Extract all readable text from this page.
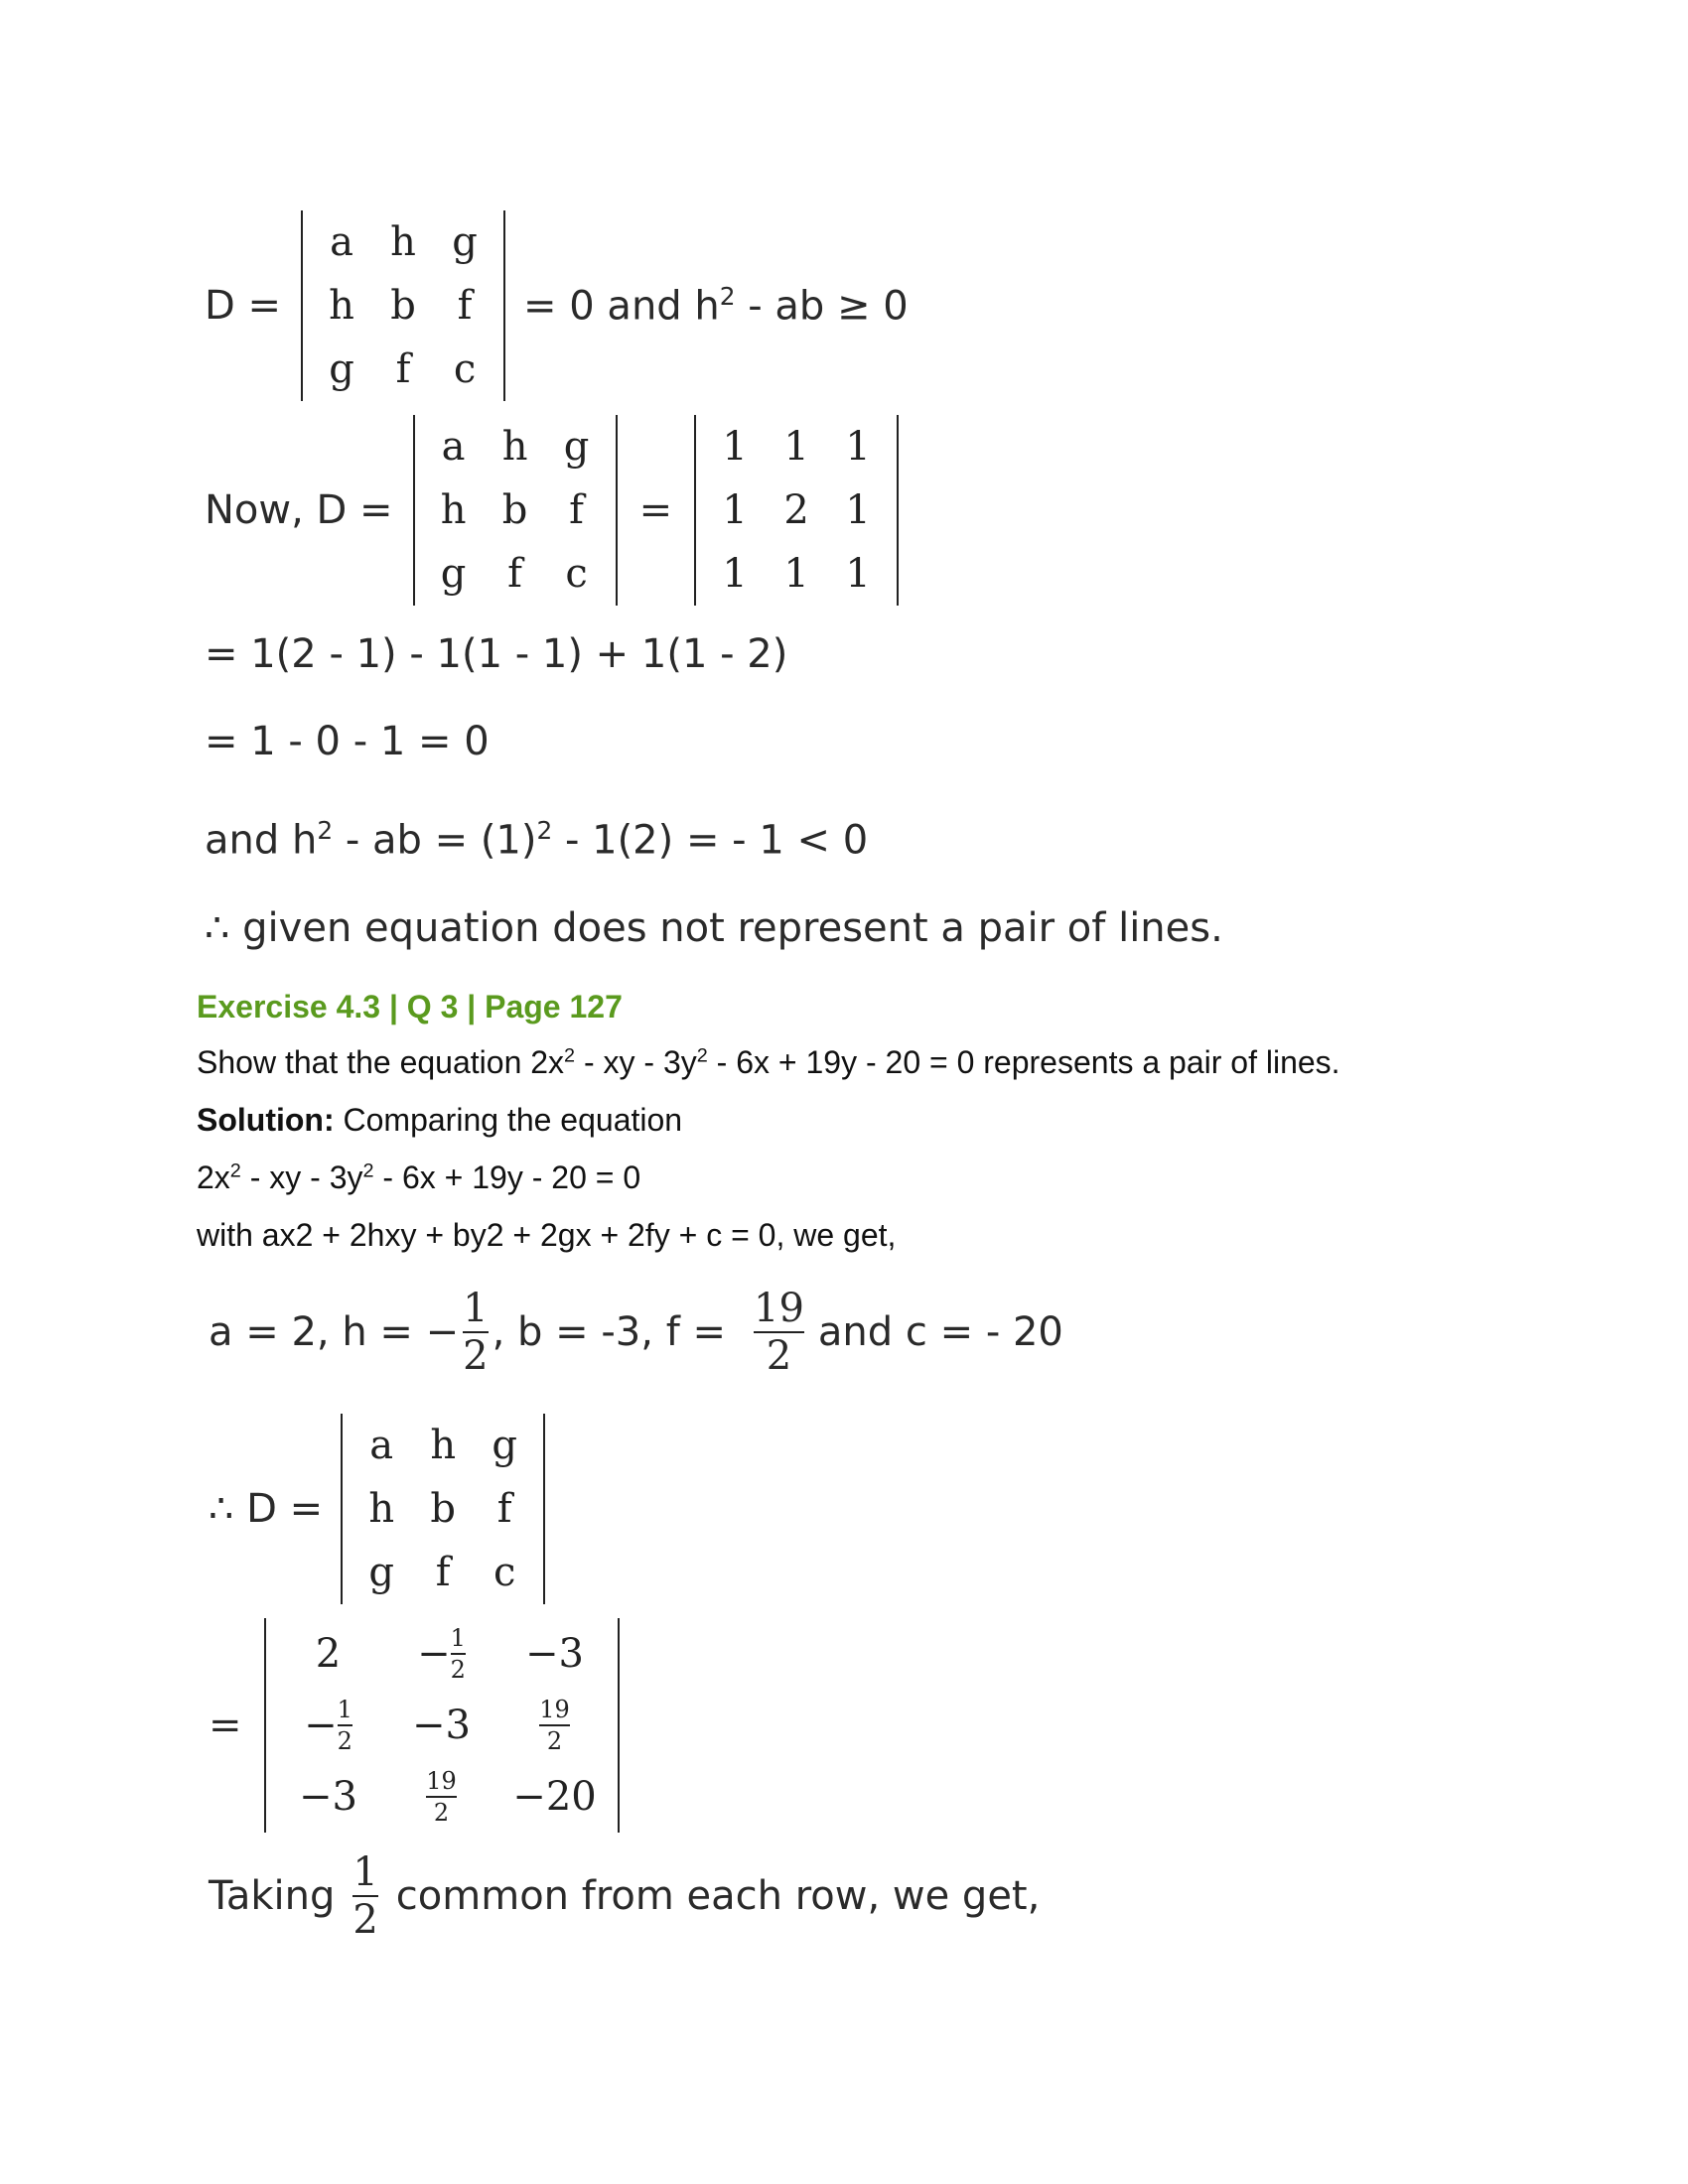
D =
a h g
h b	f
g	f	c
= 0 and $h^2$ - ab ≥ 0
Now, D =
a h g
h b	f
g	f	c
=
1 1 1
1 2 1
1 1 1
= 1(2 - 1) - 1(1 - 1) + 1(1 - 2)
= 1 - 0 - 1 = 0
and $h^2$ - ab = $(1)^2 - 1(2)$ = - 1 < 0
∴ given equation does not represent a pair of lines.
Exercise 4.3 | Q 3 | Page 127
Show that the equation $2x^2$ - xy - $3y^2 - 6x + 19y - 20 = 0$ represents a pair of lines.
Solution: Comparing the equation
$2x^2$ - xy - $3y^2 - 6x + 19y - 20 = 0$
with ax2 + 2hxy + by2 + 2gx + 2fy + c = 0, we get,
a = 2, h = − $\frac{1}{2}$ , b = -3, $f = \frac{19}{2}$ and c = - 20
∴ D =
a h g
h b	f
g	f	c
=
2	− $\frac{1}{2}$	−3
− $\frac{1}{2}$	−3	$\frac{19}{2}$
−3	$\frac{19}{2}$	−20
Taking $\frac{1}{2}$ common from each row, we get,
